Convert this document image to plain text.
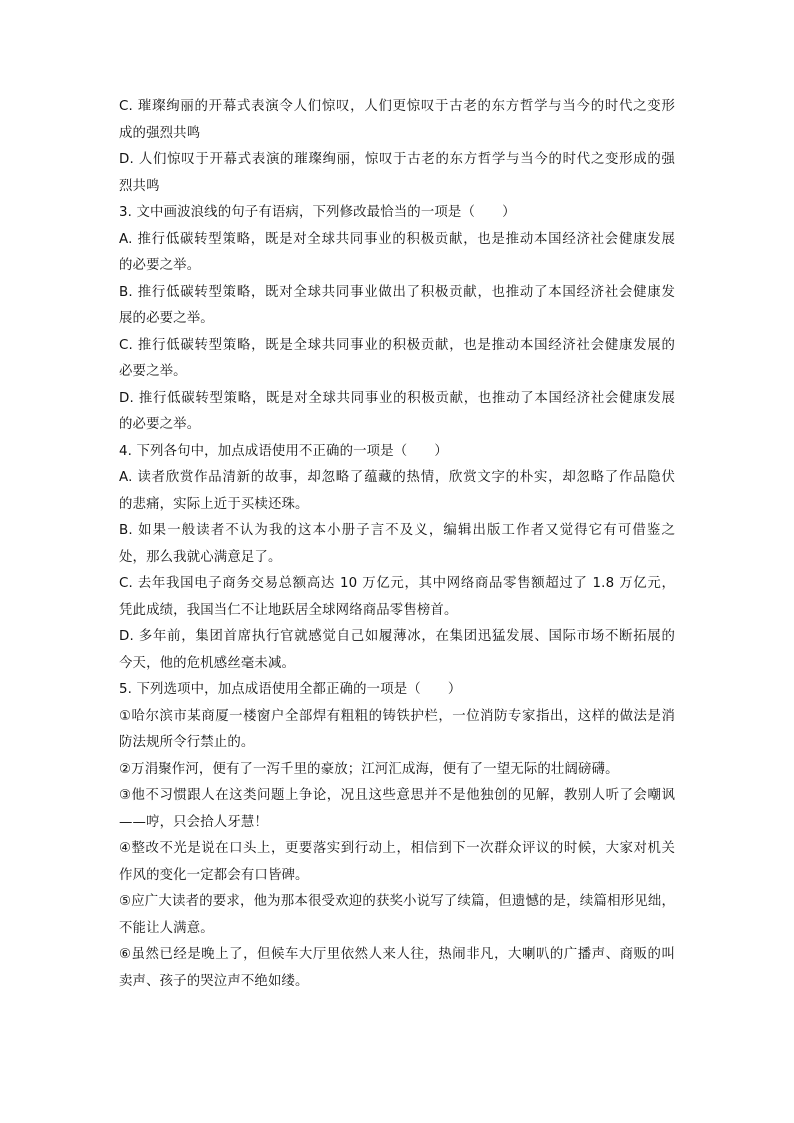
C. 璀璨绚丽的开幕式表演令人们惊叹，人们更惊叹于古老的东方哲学与当今的时代之变形
成的强烈共鸣
D. 人们惊叹于开幕式表演的璀璨绚丽，惊叹于古老的东方哲学与当今的时代之变形成的强
烈共鸣
3. 文中画波浪线的句子有语病，下列修改最恰当的一项是（　　）
A. 推行低碳转型策略，既是对全球共同事业的积极贡献，也是推动本国经济社会健康发展
的必要之举。
B. 推行低碳转型策略，既对全球共同事业做出了积极贡献，也推动了本国经济社会健康发
展的必要之举。
C. 推行低碳转型策略，既是全球共同事业的积极贡献，也是推动本国经济社会健康发展的
必要之举。
D. 推行低碳转型策略，既是对全球共同事业的积极贡献，也推动了本国经济社会健康发展
的必要之举。
4. 下列各句中，加点成语使用不正确的一项是（　　）
A. 读者欣赏作品清新的故事，却忽略了蕴藏的热情，欣赏文字的朴实，却忽略了作品隐伏
的悲痛，实际上近于买椟还珠。
B. 如果一般读者不认为我的这本小册子言不及义，编辑出版工作者又觉得它有可借鉴之
处，那么我就心满意足了。
C. 去年我国电子商务交易总额高达 10 万亿元，其中网络商品零售额超过了 1.8 万亿元，
凭此成绩，我国当仁不让地跃居全球网络商品零售榜首。
D. 多年前，集团首席执行官就感觉自己如履薄冰，在集团迅猛发展、国际市场不断拓展的
今天，他的危机感丝毫未减。
5. 下列选项中，加点成语使用全都正确的一项是（　　）
①哈尔滨市某商厦一楼窗户全部焊有粗粗的铸铁护栏，一位消防专家指出，这样的做法是消
防法规所令行禁止的。
②万涓聚作河，便有了一泻千里的豪放；江河汇成海，便有了一望无际的壮阔磅礴。
③他不习惯跟人在这类问题上争论，况且这些意思并不是他独创的见解，教别人听了会嘲讽
——哼，只会拾人牙慧！
④整改不光是说在口头上，更要落实到行动上，相信到下一次群众评议的时候，大家对机关
作风的变化一定都会有口皆碑。
⑤应广大读者的要求，他为那本很受欢迎的获奖小说写了续篇，但遗憾的是，续篇相形见绌，
不能让人满意。
⑥虽然已经是晚上了，但候车大厅里依然人来人往，热闹非凡，大喇叭的广播声、商贩的叫
卖声、孩子的哭泣声不绝如缕。
